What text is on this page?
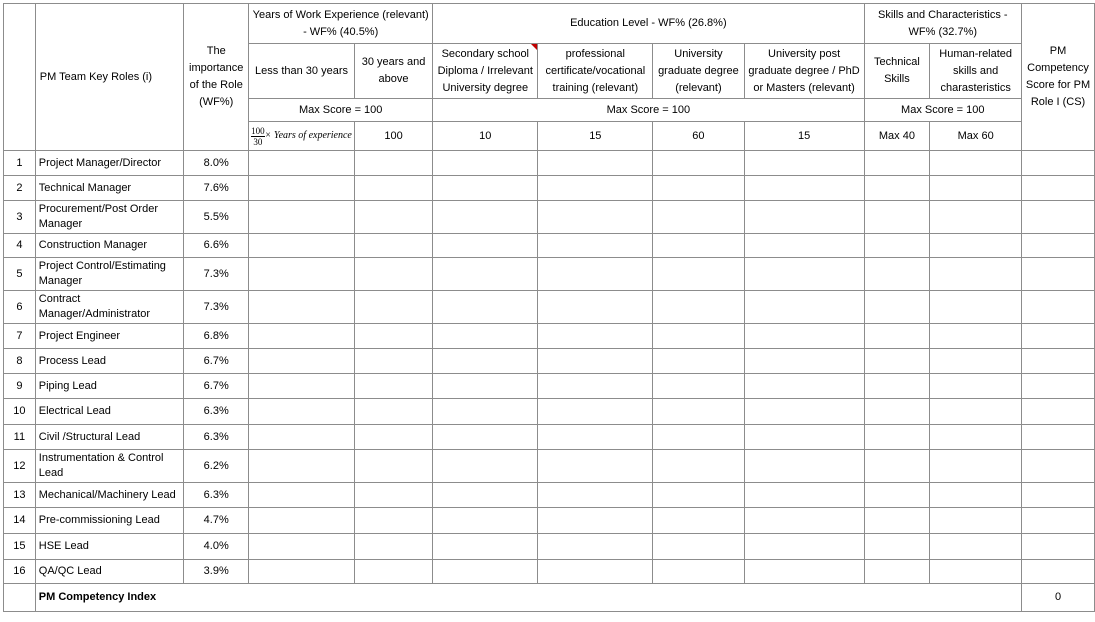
	PM Team Key Roles (i)	The importance of the Role (WF%)	Years of Work Experience (relevant) - WF% (40.5%)		Education Level - WF% (26.8%)				Skills and Characteristics - WF% (32.7%)		PM Competency Score for PM Role I (CS)
			Less than 30 years	30 years and above	Secondary school Diploma / Irrelevant University degree	professional certificate/vocational training (relevant)	University graduate degree (relevant)	University post graduate degree / PhD or Masters (relevant)	Technical Skills	Human-related skills and charasteristics	
			Max Score = 100		Max Score = 100				Max Score = 100		

			$\frac{100}{30}$ × Years of experience	100	10	15	60	15	Max 40	Max 60	
1	Project Manager/Director	8.0%									
2	Technical Manager	7.6%									
3	Procurement/Post Order Manager	5.5%									
4	Construction Manager	6.6%									
5	Project Control/Estimating Manager	7.3%									
6	Contract Manager/Administrator	7.3%									
7	Project Engineer	6.8%									
8	Process Lead	6.7%									
9	Piping Lead	6.7%									
10	Electrical Lead	6.3%									
11	Civil /Structural Lead	6.3%									
12	Instrumentation & Control Lead	6.2%									
13	Mechanical/Machinery Lead	6.3%									
14	Pre-commissioning Lead	4.7%									
15	HSE Lead	4.0%									
16	QA/QC Lead	3.9%									
	PM Competency Index										0
